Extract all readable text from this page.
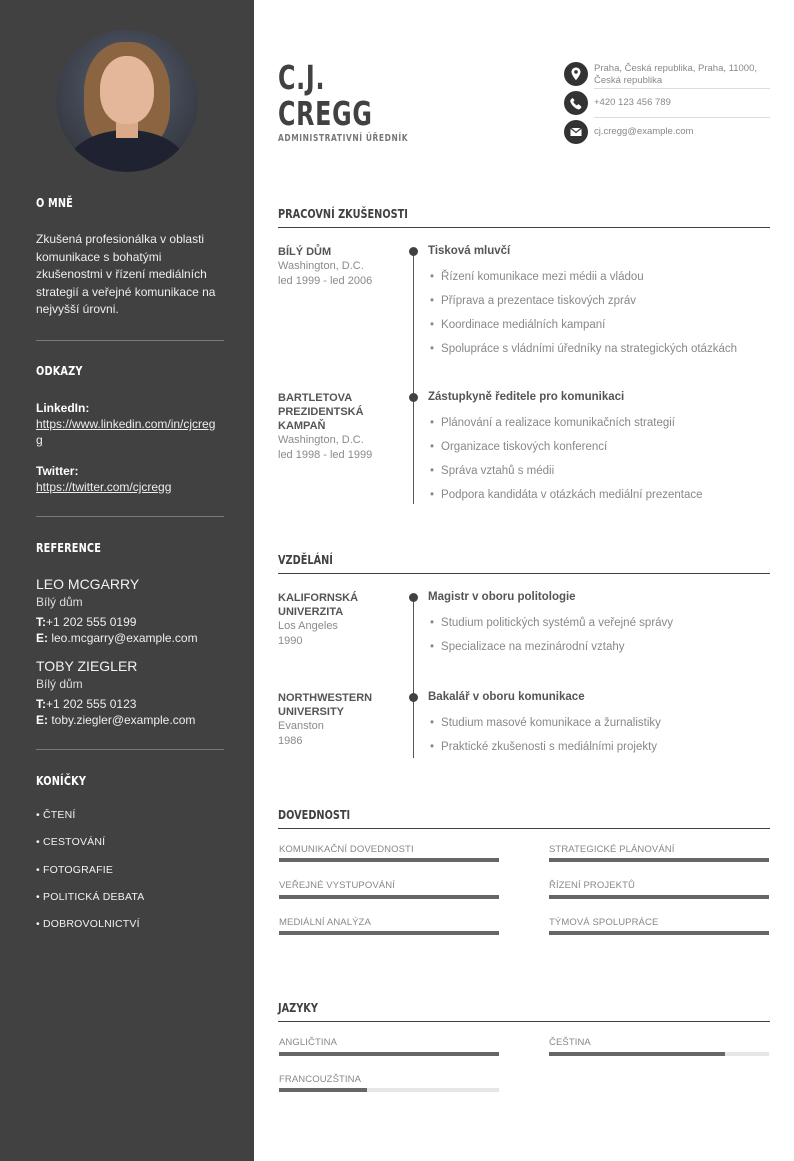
O MNĚ
Zkušená profesionálka v oblasti komunikace s bohatými zkušenostmi v řízení mediálních strategií a veřejné komunikace na nejvyšší úrovni.
ODKAZY
LinkedIn:
https://www.linkedin.com/in/cjcregg
Twitter:
https://twitter.com/cjcregg
REFERENCE
LEO MCGARRY
Bílý dům
T:+1 202 555 0199
E: leo.mcgarry@example.com
TOBY ZIEGLER
Bílý dům
T:+1 202 555 0123
E: toby.ziegler@example.com
KONÍČKY
• ČTENÍ
• CESTOVÁNÍ
• FOTOGRAFIE
• POLITICKÁ DEBATA
• DOBROVOLNICTVÍ
C.J.
CREGG
ADMINISTRATIVNÍ ÚŘEDNÍK
Praha, Česká republika, Praha, 11000, Česká republika
+420 123 456 789
cj.cregg@example.com
PRACOVNÍ ZKUŠENOSTI
BÍLÝ DŮM
Washington, D.C.
led 1999 - led 2006
Tisková mluvčí
• Řízení komunikace mezi médii a vládou
• Příprava a prezentace tiskových zpráv
• Koordinace mediálních kampaní
• Spolupráce s vládními úředníky na strategických otázkách
BARTLETOVA PREZIDENTSKÁ KAMPAŇ
Washington, D.C.
led 1998 - led 1999
Zástupkyně ředitele pro komunikaci
• Plánování a realizace komunikačních strategií
• Organizace tiskových konferencí
• Správa vztahů s médii
• Podpora kandidáta v otázkách mediální prezentace
VZDĚLÁNÍ
KALIFORNSKÁ UNIVERZITA
Los Angeles
1990
Magistr v oboru politologie
• Studium politických systémů a veřejné správy
• Specializace na mezinárodní vztahy
NORTHWESTERN UNIVERSITY
Evanston
1986
Bakalář v oboru komunikace
• Studium masové komunikace a žurnalistiky
• Praktické zkušenosti s mediálními projekty
DOVEDNOSTI
KOMUNIKAČNÍ DOVEDNOSTI	STRATEGICKÉ PLÁNOVÁNÍ
VEŘEJNÉ VYSTUPOVÁNÍ	ŘÍZENÍ PROJEKTŮ
MEDIÁLNÍ ANALÝZA	TÝMOVÁ SPOLUPRÁCE
JAZYKY
ANGLIČTINA	ČEŠTINA
FRANCOUZŠTINA
